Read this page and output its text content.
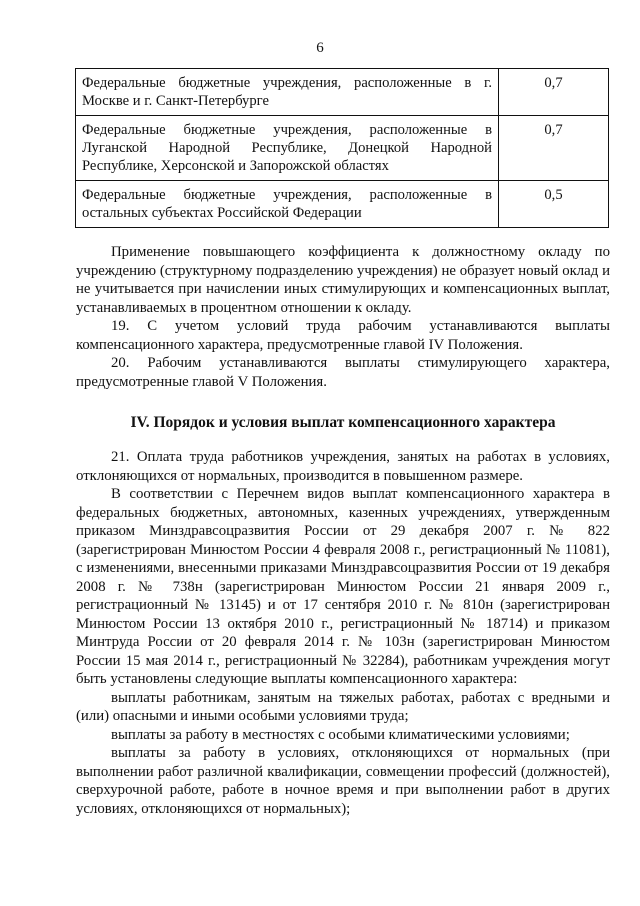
6
Федеральные бюджетные учреждения, расположенные в г. Москве и г. Санкт-Петербурге	0,7
Федеральные бюджетные учреждения, расположенные в Луганской Народной Республике, Донецкой Народной Республике, Херсонской и Запорожской областях	0,7
Федеральные бюджетные учреждения, расположенные в остальных субъектах Российской Федерации	0,5

Применение повышающего коэффициента к должностному окладу по учреждению (структурному подразделению учреждения) не образует новый оклад и не учитывается при начислении иных стимулирующих и компенсационных выплат, устанавливаемых в процентном отношении к окладу.

19. С учетом условий труда рабочим устанавливаются выплаты компенсационного характера, предусмотренные главой IV Положения.

20. Рабочим устанавливаются выплаты стимулирующего характера, предусмотренные главой V Положения.

IV. Порядок и условия выплат компенсационного характера

21. Оплата труда работников учреждения, занятых на работах в условиях, отклоняющихся от нормальных, производится в повышенном размере.

В соответствии с Перечнем видов выплат компенсационного характера в федеральных бюджетных, автономных, казенных учреждениях, утвержденным приказом Минздравсоцразвития России от 29 декабря 2007 г. № 822 (зарегистрирован Минюстом России 4 февраля 2008 г., регистрационный № 11081), с изменениями, внесенными приказами Минздравсоцразвития России от 19 декабря 2008 г. № 738н (зарегистрирован Минюстом России 21 января 2009 г., регистрационный № 13145) и от 17 сентября 2010 г. № 810н (зарегистрирован Минюстом России 13 октября 2010 г., регистрационный № 18714) и приказом Минтруда России от 20 февраля 2014 г. № 103н (зарегистрирован Минюстом России 15 мая 2014 г., регистрационный № 32284), работникам учреждения могут быть установлены следующие выплаты компенсационного характера:

выплаты работникам, занятым на тяжелых работах, работах с вредными и (или) опасными и иными особыми условиями труда;

выплаты за работу в местностях с особыми климатическими условиями;

выплаты за работу в условиях, отклоняющихся от нормальных (при выполнении работ различной квалификации, совмещении профессий (должностей), сверхурочной работе, работе в ночное время и при выполнении работ в других условиях, отклоняющихся от нормальных);
